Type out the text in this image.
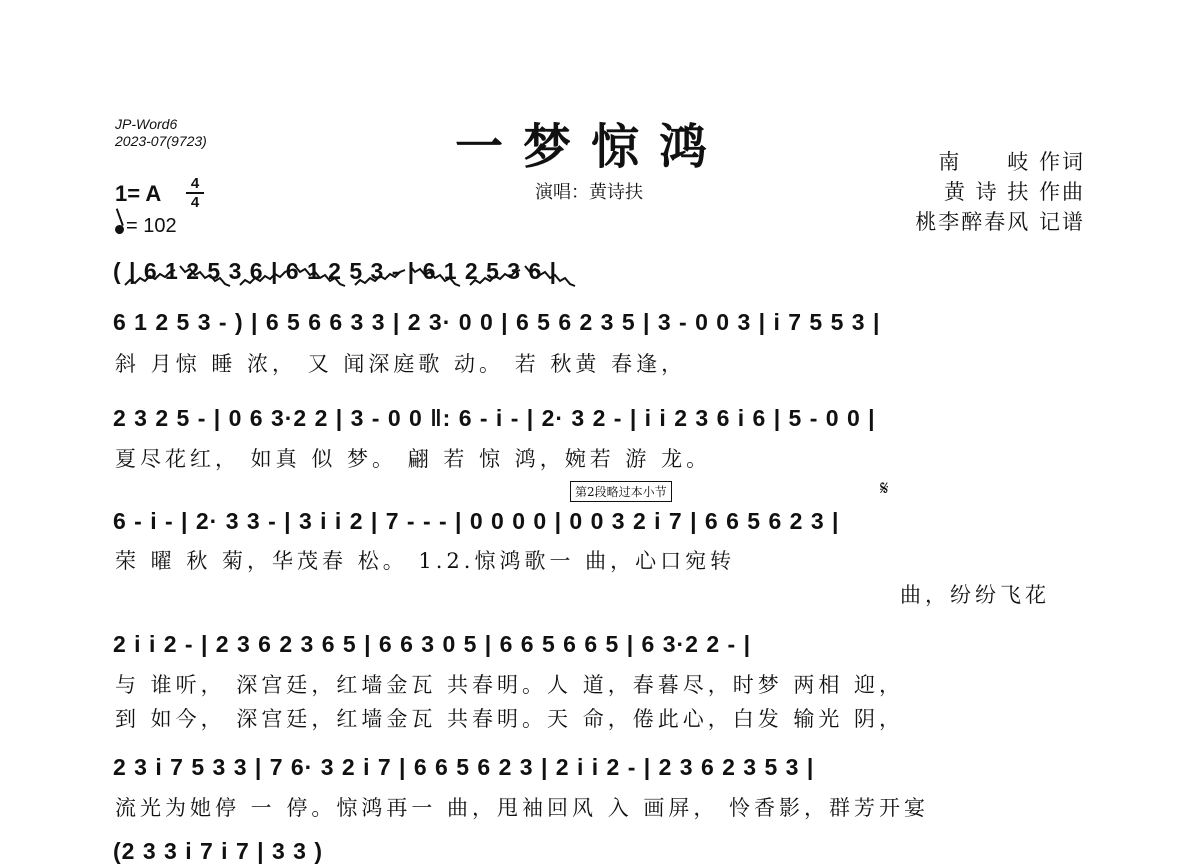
JP-Word6
2023-07(9723)	一梦惊鸿
演唱：黄诗扶
1= A	4
4
= 102
南　　岐 作词
黄 诗 扶 作曲
桃李醉春风 记谱
( | 6 1 2 5 3 6 | 6 1 2 5 3 - | 6 1 2 5 3 6 |
6 1 2 5 3 - ) | 6 5 6 6 3 3 | 2 3· 0 0 | 6 5 6 2 3 5 | 3 - 0 0 3 | i 7 5 5 3 |
斜 月惊 睡 浓， 又 闻深庭歌 动。 若 秋黄 春逢，
2 3 2 5 - | 0 6 3·2 2 | 3 - 0 0 ‖: 6 - i - | 2· 3 2 - | i i 2 3 6 i 6 | 5 - 0 0 |
夏尽花红， 如真 似 梦。 翩 若 惊 鸿，婉若 游 龙。
第2段略过本小节	𝄋
6 - i - | 2· 3 3 - | 3 i i 2 | 7 - - - | 0 0 0 0 | 0 0 3 2 i 7 | 6 6 5 6 2 3 |
荣 曜 秋 菊，华茂春 松。 1.2.惊鸿歌一 曲，心口宛转
曲，纷纷飞花
2 i i 2 - | 2 3 6 2 3 6 5 | 6 6 3 0 5 | 6 6 5 6 6 5 | 6 3·2 2 - |
与 谁听， 深宫廷，红墙金瓦 共春明。人 道，春暮尽，时梦 两相 迎，
到 如今， 深宫廷，红墙金瓦 共春明。天 命，倦此心，白发 输光 阴，
2 3 i 7 5 3 3 | 7 6· 3 2 i 7 | 6 6 5 6 2 3 | 2 i i 2 - | 2 3 6 2 3 5 3 |
流光为她停 一 停。惊鸿再一 曲，甩袖回风 入 画屏， 怜香影，群芳开宴
(2 3 3 i 7 i 7 | 3 3 )
